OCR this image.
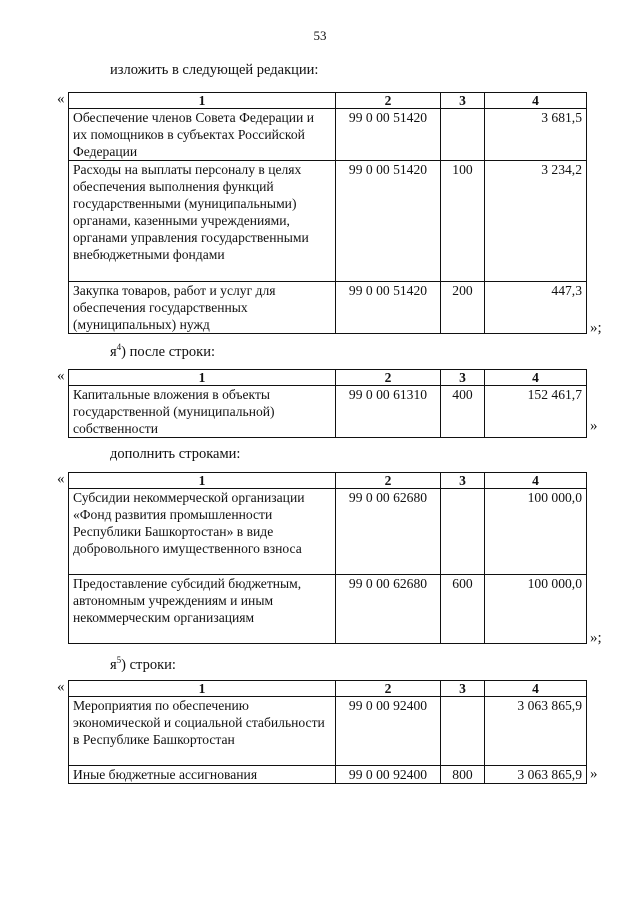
53
изложить в следующей редакции:
«	1	2	3	4
Обеспечение членов Совета Федерации и их помощников в субъектах Российской Федерации	99 0 00 51420		3 681,5
Расходы на выплаты персоналу в целях обеспечения выполнения функций государственными (муниципальными) органами, казенными учреждениями, органами управления государственными внебюджетными фондами	99 0 00 51420	100	3 234,2
Закупка товаров, работ и услуг для обеспечения государственных (муниципальных) нужд	99 0 00 51420	200	447,3
»;
$я^4$) после строки:
«	1	2	3	4
Капитальные вложения в объекты государственной (муниципальной) собственности	99 0 00 61310	400	152 461,7
»
дополнить строками:
«	1	2	3	4
Субсидии некоммерческой организации «Фонд развития промышленности Республики Башкортостан» в виде добровольного имущественного взноса	99 0 00 62680		100 000,0
Предоставление субсидий бюджетным, автономным учреждениям и иным некоммерческим организациям	99 0 00 62680	600	100 000,0
»;
$я^5$) строки:
«	1	2	3	4
Мероприятия по обеспечению экономической и социальной стабильности в Республике Башкортостан	99 0 00 92400		3 063 865,9
Иные бюджетные ассигнования	99 0 00 92400	800	3 063 865,9 »
